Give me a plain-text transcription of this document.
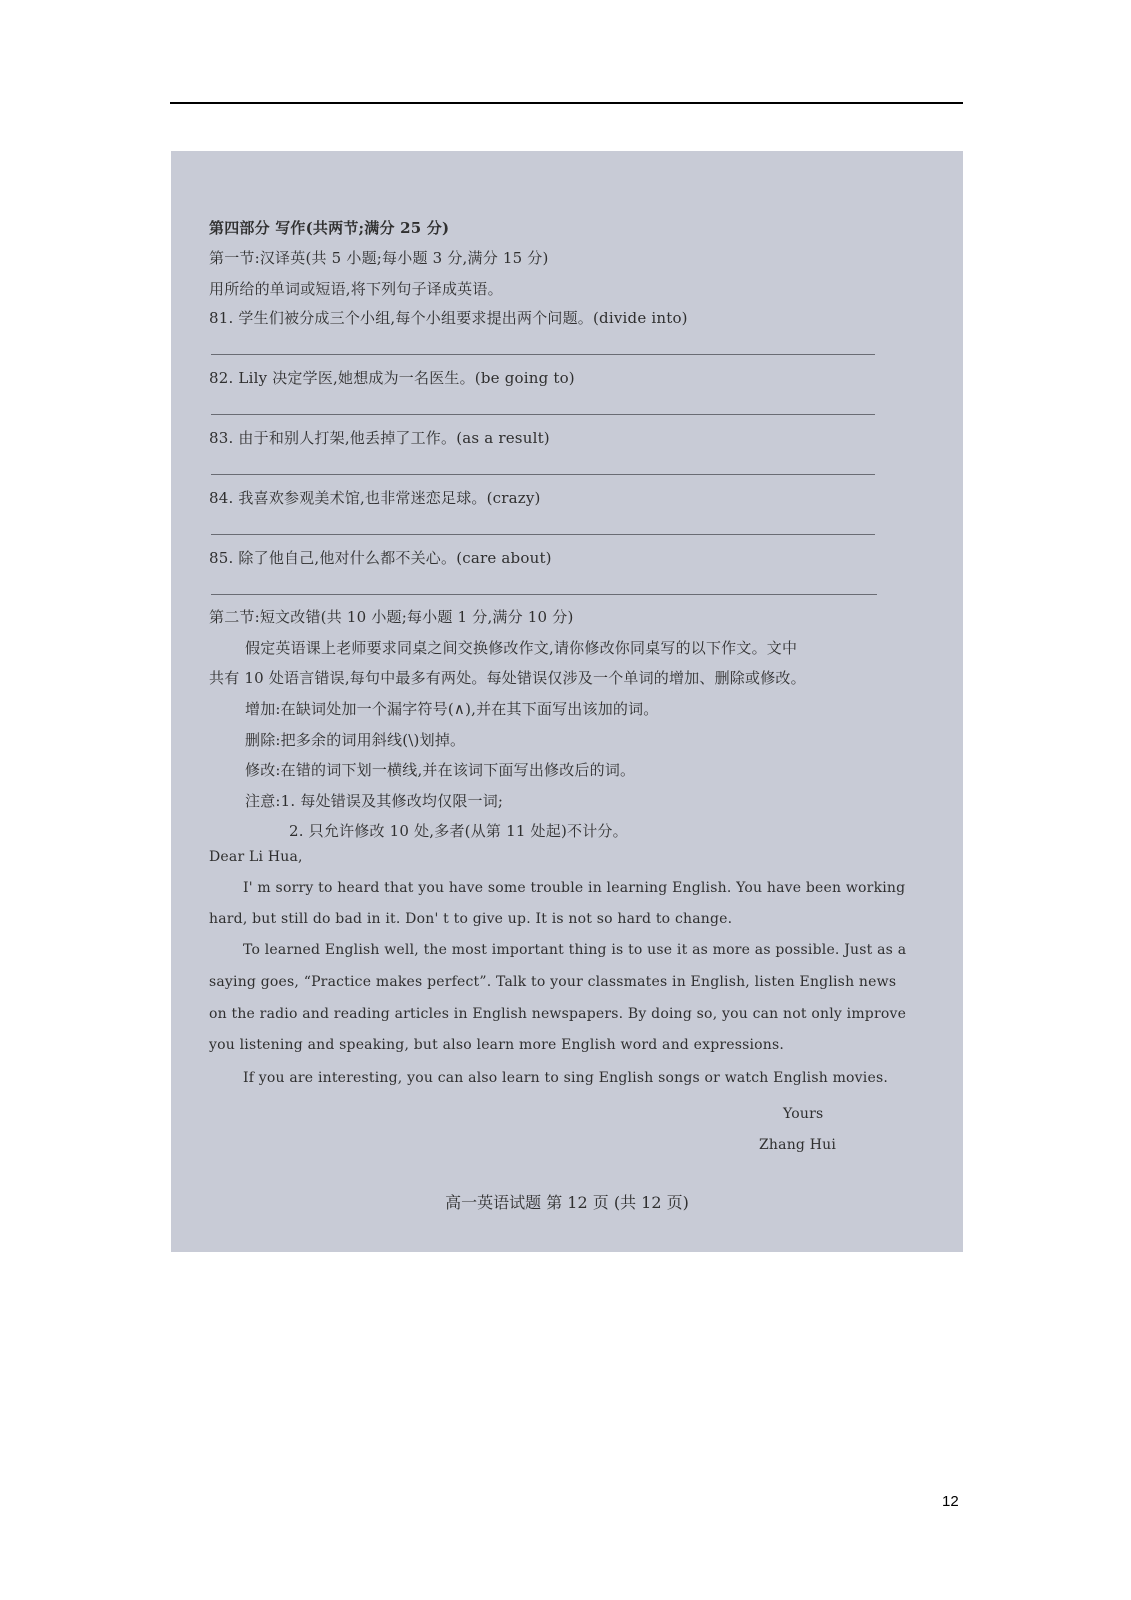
第四部分 写作(共两节;满分 25 分)
第一节:汉译英(共 5 小题;每小题 3 分,满分 15 分)
用所给的单词或短语,将下列句子译成英语。
81. 学生们被分成三个小组,每个小组要求提出两个问题。(divide into)
82. Lily 决定学医,她想成为一名医生。(be going to)
83. 由于和别人打架,他丢掉了工作。(as a result)
84. 我喜欢参观美术馆,也非常迷恋足球。(crazy)
85. 除了他自己,他对什么都不关心。(care about)
第二节:短文改错(共 10 小题;每小题 1 分,满分 10 分)
假定英语课上老师要求同桌之间交换修改作文,请你修改你同桌写的以下作文。文中
共有 10 处语言错误,每句中最多有两处。每处错误仅涉及一个单词的增加、删除或修改。
增加:在缺词处加一个漏字符号(∧),并在其下面写出该加的词。
删除:把多余的词用斜线(\)划掉。
修改:在错的词下划一横线,并在该词下面写出修改后的词。
注意:1. 每处错误及其修改均仅限一词;
2. 只允许修改 10 处,多者(从第 11 处起)不计分。
Dear Li Hua,
I' m sorry to heard that you have some trouble in learning English. You have been working
hard, but still do bad in it. Don' t to give up. It is not so hard to change.
To learned English well, the most important thing is to use it as more as possible. Just as a
saying goes, “Practice makes perfect”. Talk to your classmates in English, listen English news
on the radio and reading articles in English newspapers. By doing so, you can not only improve
you listening and speaking, but also learn more English word and expressions.
If you are interesting, you can also learn to sing English songs or watch English movies.
Yours
Zhang Hui
高一英语试题 第 12 页 (共 12 页)
12
